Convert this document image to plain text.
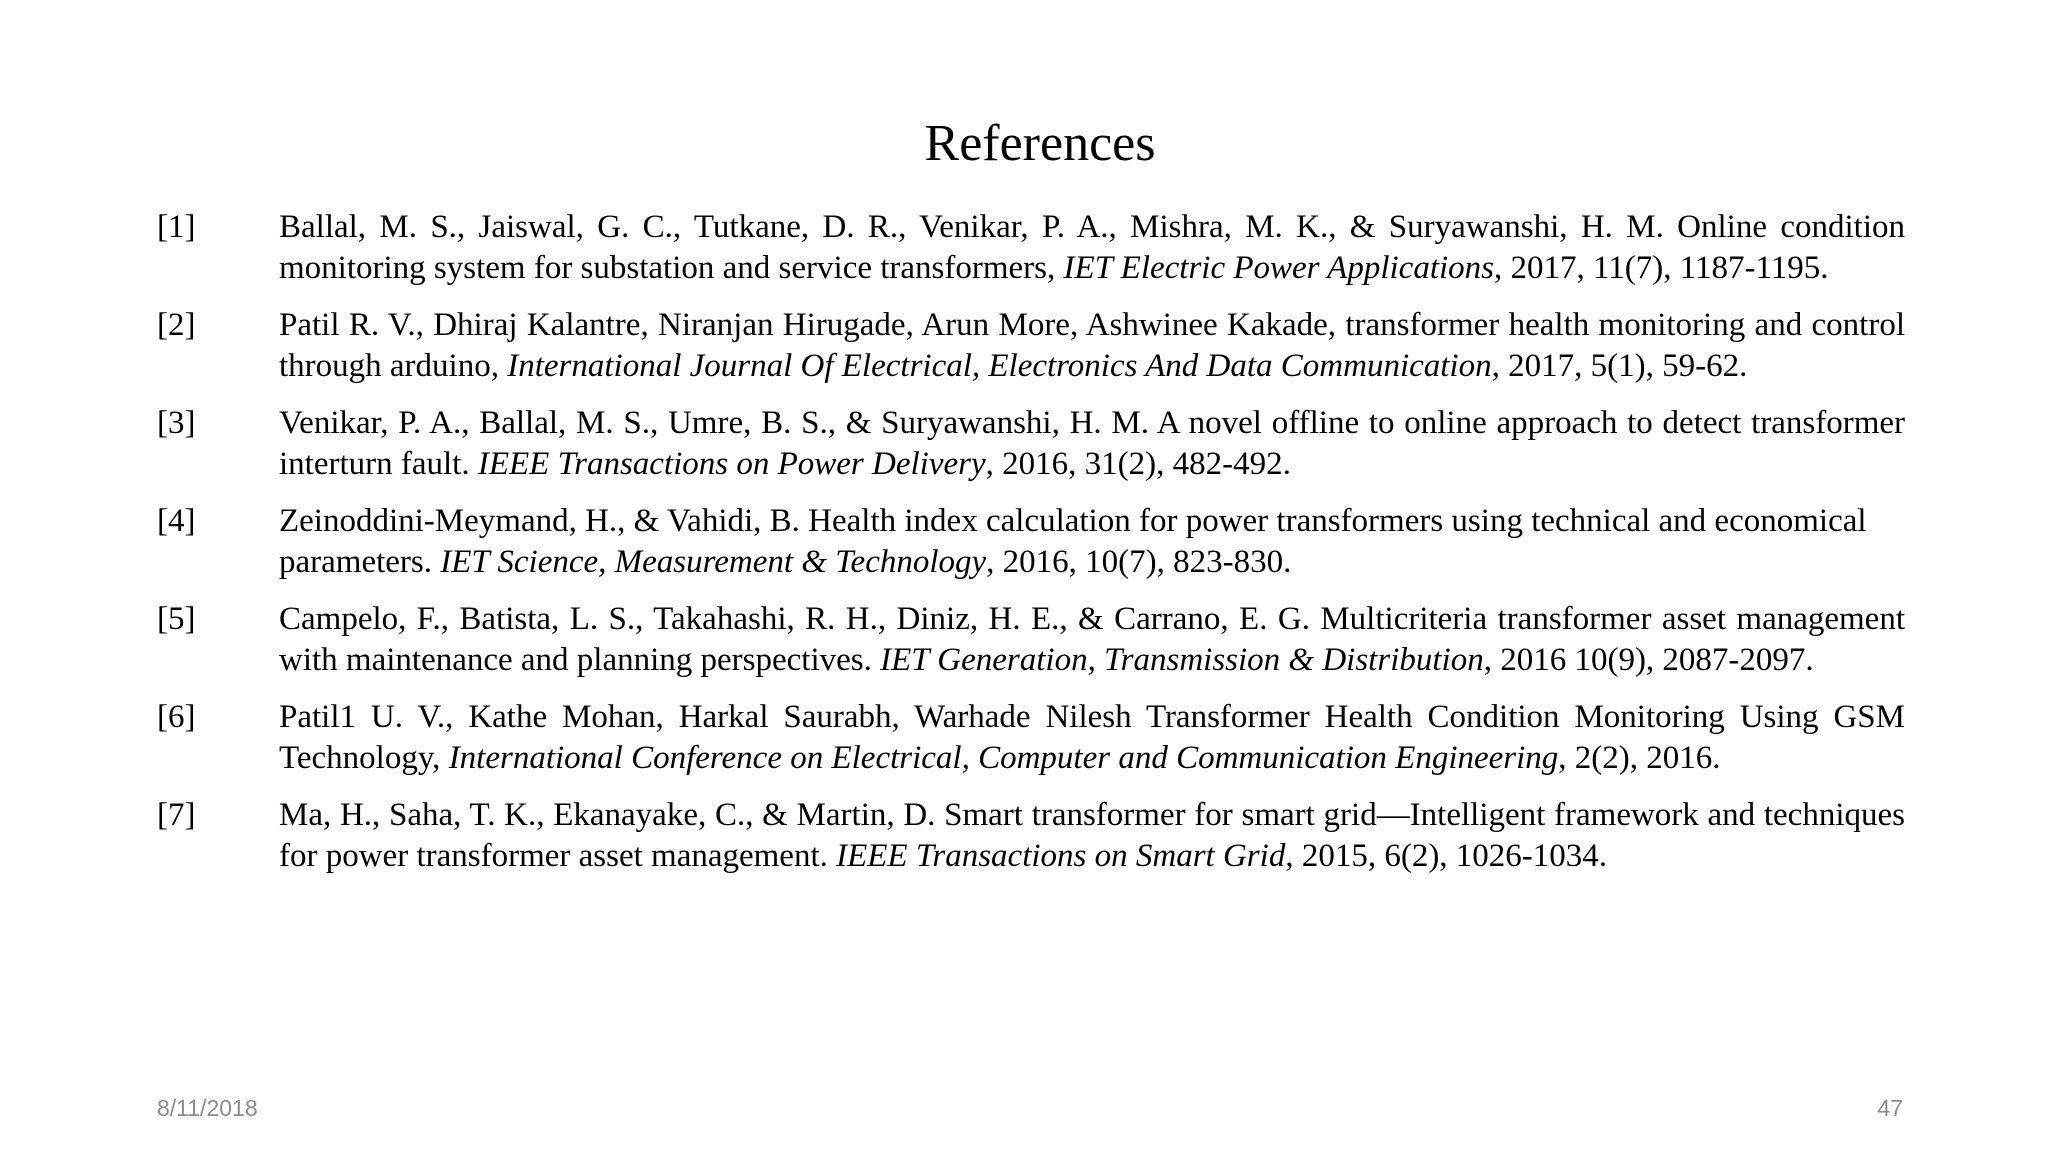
References
[1]	Ballal, M. S., Jaiswal, G. C., Tutkane, D. R., Venikar, P. A., Mishra, M. K., & Suryawanshi, H. M. Online condition monitoring system for substation and service transformers, IET Electric Power Applications, 2017, 11(7), 1187-1195.
[2]	Patil R. V., Dhiraj Kalantre, Niranjan Hirugade, Arun More, Ashwinee Kakade, transformer health monitoring and control through arduino, International Journal Of Electrical, Electronics And Data Communication, 2017, 5(1), 59-62.
[3]	Venikar, P. A., Ballal, M. S., Umre, B. S., & Suryawanshi, H. M. A novel offline to online approach to detect transformer interturn fault. IEEE Transactions on Power Delivery, 2016, 31(2), 482-492.
[4]	Zeinoddini-Meymand, H., & Vahidi, B. Health index calculation for power transformers using technical and economical parameters. IET Science, Measurement & Technology, 2016, 10(7), 823-830.
[5]	Campelo, F., Batista, L. S., Takahashi, R. H., Diniz, H. E., & Carrano, E. G. Multicriteria transformer asset management with maintenance and planning perspectives. IET Generation, Transmission & Distribution, 2016 10(9), 2087-2097.
[6]	Patil1 U. V., Kathe Mohan, Harkal Saurabh, Warhade Nilesh Transformer Health Condition Monitoring Using GSM Technology, International Conference on Electrical, Computer and Communication Engineering, 2(2), 2016.
[7]	Ma, H., Saha, T. K., Ekanayake, C., & Martin, D. Smart transformer for smart grid—Intelligent framework and techniques for power transformer asset management. IEEE Transactions on Smart Grid, 2015, 6(2), 1026-1034.
8/11/2018	47
